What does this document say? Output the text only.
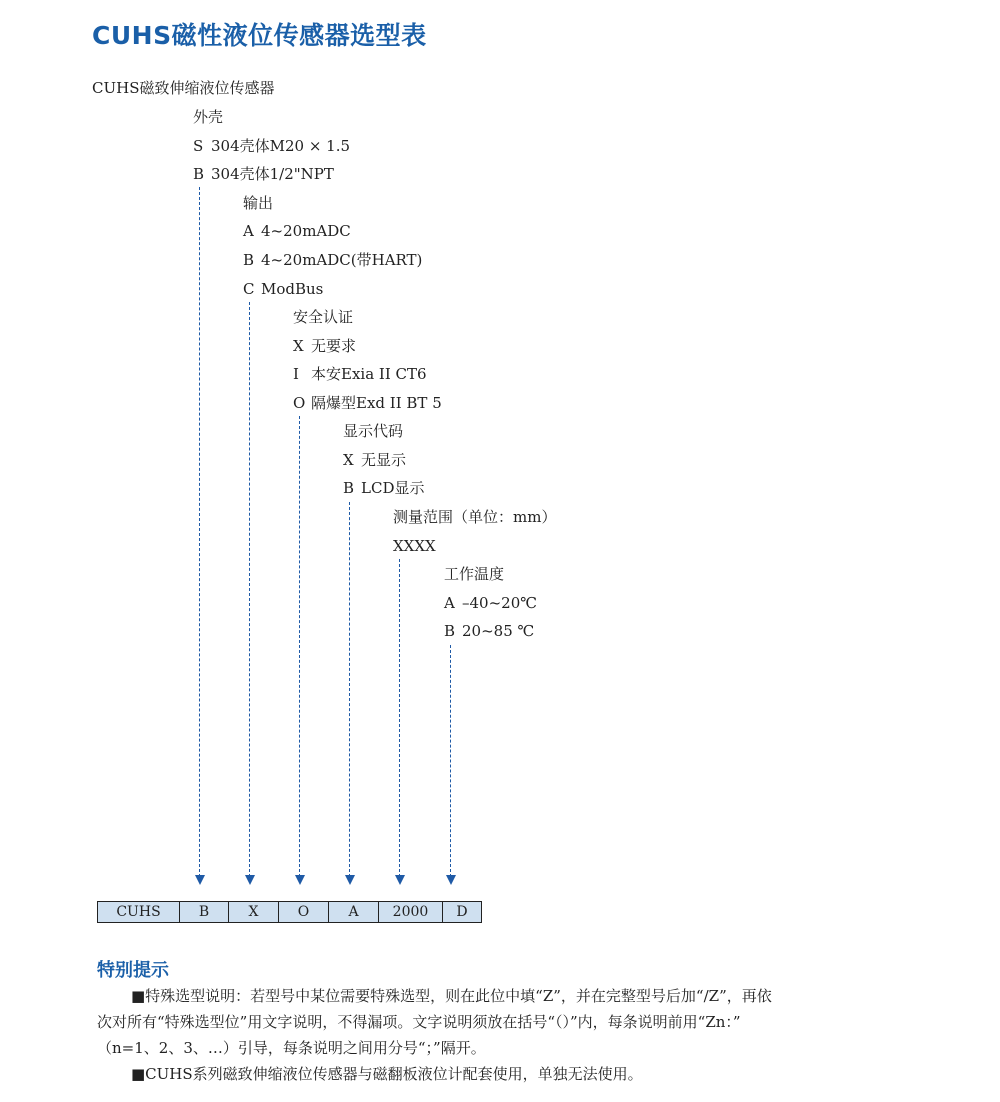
CUHS磁性液位传感器选型表
CUHS磁致伸缩液位传感器
外壳
S 304壳体M20 × 1.5
B 304壳体1/2"NPT
输出
A 4~20mADC
B 4~20mADC(带HART)
C ModBus
安全认证
X 无要求
I 本安Exia II CT6
O 隔爆型Exd II BT 5
显示代码
X 无显示
B LCD显示
测量范围（单位：mm）
XXXX
工作温度
A –40~20℃
B 20~85 ℃
CUHS	B	X	O	A	2000	D
特别提示
■特殊选型说明：若型号中某位需要特殊选型，则在此位中填“Z”，并在完整型号后加“/Z”，再依
次对所有“特殊选型位”用文字说明，不得漏项。文字说明须放在括号“（）”内，每条说明前用“Zn：”
（n=1、2、3、…）引导，每条说明之间用分号“；”隔开。
■CUHS系列磁致伸缩液位传感器与磁翻板液位计配套使用，单独无法使用。
